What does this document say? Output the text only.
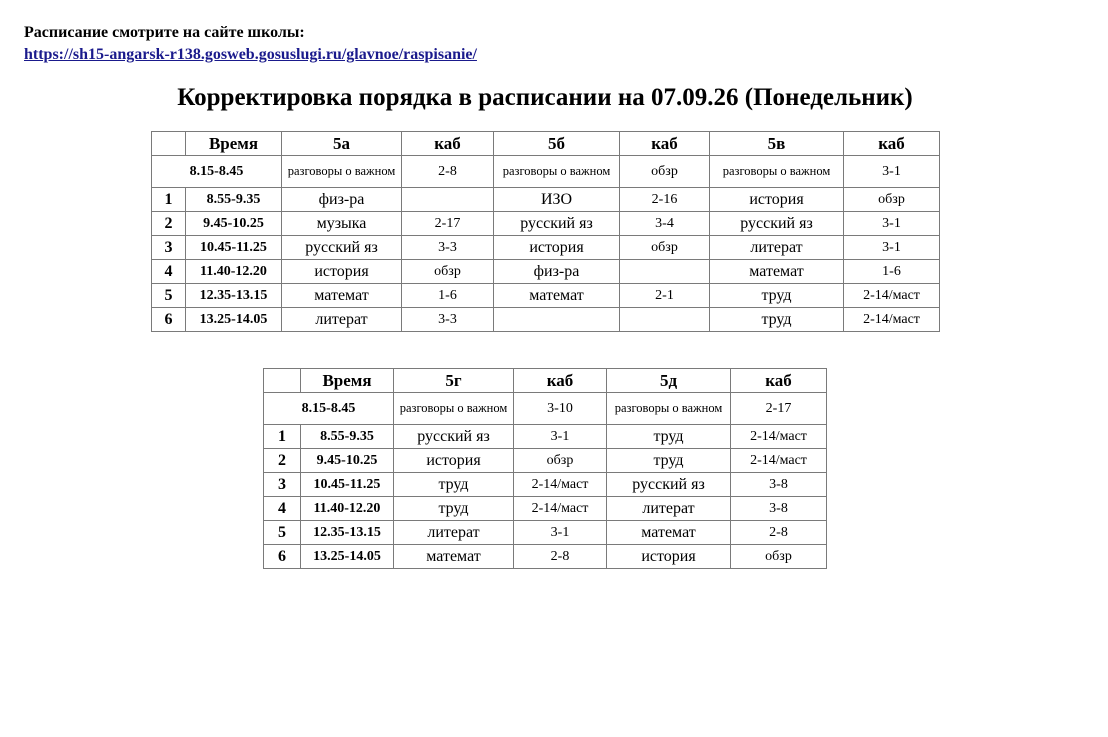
Расписание смотрите на сайте школы:
https://sh15-angarsk-r138.gosweb.gosuslugi.ru/glavnoe/raspisanie/
Корректировка порядка в расписании на 07.09.26 (Понедельник)
	Время	5а	каб	5б	каб	5в	каб
8.15-8.45		разговоры о важном	2-8	разговоры о важном	обзр	разговоры о важном	3-1
1	8.55-9.35	физ-ра		ИЗО	2-16	история	обзр
2	9.45-10.25	музыка	2-17	русский яз	3-4	русский яз	3-1
3	10.45-11.25	русский яз	3-3	история	обзр	литерат	3-1
4	11.40-12.20	история	обзр	физ-ра		математ	1-6
5	12.35-13.15	математ	1-6	математ	2-1	труд	2-14/маст
6	13.25-14.05	литерат	3-3			труд	2-14/маст
	Время	5г	каб	5д	каб
8.15-8.45		разговоры о важном	3-10	разговоры о важном	2-17
1	8.55-9.35	русский яз	3-1	труд	2-14/маст
2	9.45-10.25	история	обзр	труд	2-14/маст
3	10.45-11.25	труд	2-14/маст	русский яз	3-8
4	11.40-12.20	труд	2-14/маст	литерат	3-8
5	12.35-13.15	литерат	3-1	математ	2-8
6	13.25-14.05	математ	2-8	история	обзр
